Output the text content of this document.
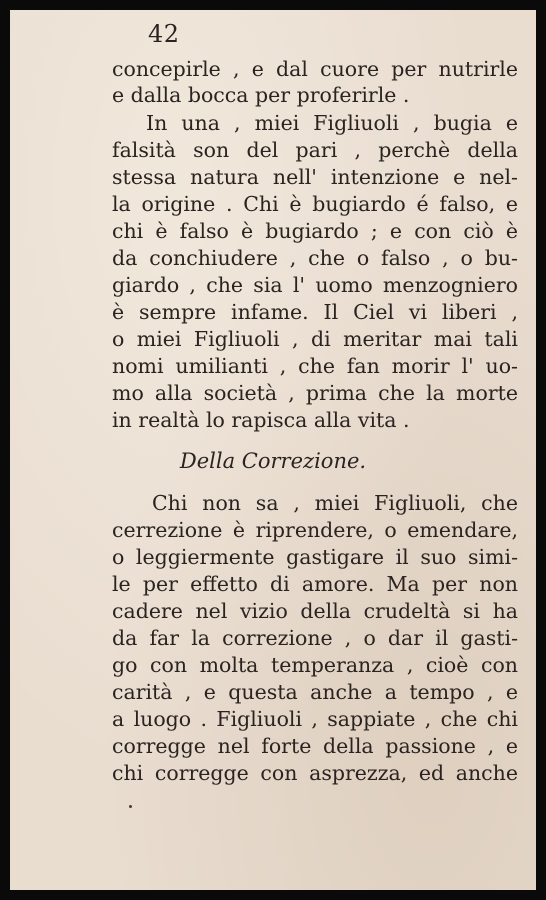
42
concepirle , e dal cuore per nutrirle
e dalla bocca per proferirle .
In una , miei Figliuoli , bugia e
falsità son del pari , perchè della
stessa natura nell' intenzione e nel-
la origine . Chi è bugiardo é falso, e
chi è falso è bugiardo ; e con ciò è
da conchiudere , che o falso , o bu-
giardo , che sia l' uomo menzogniero
è sempre infame. Il Ciel vi liberi ,
o miei Figliuoli , di meritar mai tali
nomi umilianti , che fan morir l' uo-
mo alla società , prima che la morte
in realtà lo rapisca alla vita .
Della Correzione.
Chi non sa , miei Figliuoli, che
cerrezione è riprendere, o emendare,
o leggiermente gastigare il suo simi-
le per effetto di amore. Ma per non
cadere nel vizio della crudeltà si ha
da far la correzione , o dar il gasti-
go con molta temperanza , cioè con
carità , e questa anche a tempo , e
a luogo . Figliuoli , sappiate , che chi
corregge nel forte della passione , e
chi corregge con asprezza, ed anche
